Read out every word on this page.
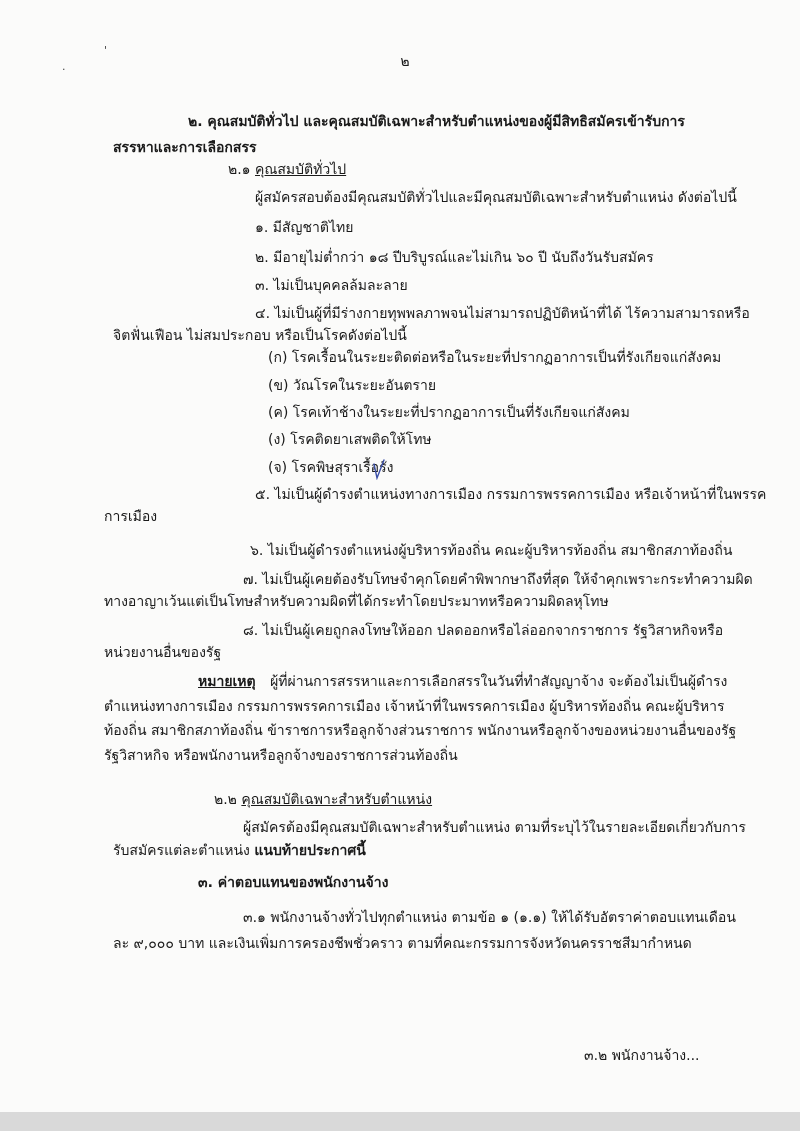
'
.	๒
๒. คุณสมบัติทั่วไป และคุณสมบัติเฉพาะสำหรับตำแหน่งของผู้มีสิทธิสมัครเข้ารับการ
สรรหาและการเลือกสรร
๒.๑ คุณสมบัติทั่วไป
ผู้สมัครสอบต้องมีคุณสมบัติทั่วไปและมีคุณสมบัติเฉพาะสำหรับตำแหน่ง ดังต่อไปนี้
๑. มีสัญชาติไทย
๒. มีอายุไม่ต่ำกว่า ๑๘ ปีบริบูรณ์และไม่เกิน ๖๐ ปี นับถึงวันรับสมัคร
๓. ไม่เป็นบุคคลล้มละลาย
๔. ไม่เป็นผู้ที่มีร่างกายทุพพลภาพจนไม่สามารถปฏิบัติหน้าที่ได้ ไร้ความสามารถหรือ
จิตฟั่นเฟือน ไม่สมประกอบ หรือเป็นโรคดังต่อไปนี้
(ก) โรคเรื้อนในระยะติดต่อหรือในระยะที่ปรากฏอาการเป็นที่รังเกียจแก่สังคม
(ข) วัณโรคในระยะอันตราย
(ค) โรคเท้าช้างในระยะที่ปรากฏอาการเป็นที่รังเกียจแก่สังคม
(ง) โรคติดยาเสพติดให้โทษ
(จ) โรคพิษสุราเรื้อรัง
๕. ไม่เป็นผู้ดำรงตำแหน่งทางการเมือง กรรมการพรรคการเมือง หรือเจ้าหน้าที่ในพรรค
การเมือง
๖. ไม่เป็นผู้ดำรงตำแหน่งผู้บริหารท้องถิ่น คณะผู้บริหารท้องถิ่น สมาชิกสภาท้องถิ่น
๗. ไม่เป็นผู้เคยต้องรับโทษจำคุกโดยคำพิพากษาถึงที่สุด ให้จำคุกเพราะกระทำความผิด
ทางอาญาเว้นแต่เป็นโทษสำหรับความผิดที่ได้กระทำโดยประมาทหรือความผิดลหุโทษ
๘. ไม่เป็นผู้เคยถูกลงโทษให้ออก ปลดออกหรือไล่ออกจากราชการ รัฐวิสาหกิจหรือ
หน่วยงานอื่นของรัฐ
หมายเหตุ ผู้ที่ผ่านการสรรหาและการเลือกสรรในวันที่ทำสัญญาจ้าง จะต้องไม่เป็นผู้ดำรง
ตำแหน่งทางการเมือง กรรมการพรรคการเมือง เจ้าหน้าที่ในพรรคการเมือง ผู้บริหารท้องถิ่น คณะผู้บริหาร
ท้องถิ่น สมาชิกสภาท้องถิ่น ข้าราชการหรือลูกจ้างส่วนราชการ พนักงานหรือลูกจ้างของหน่วยงานอื่นของรัฐ
รัฐวิสาหกิจ หรือพนักงานหรือลูกจ้างของราชการส่วนท้องถิ่น
๒.๒ คุณสมบัติเฉพาะสำหรับตำแหน่ง
ผู้สมัครต้องมีคุณสมบัติเฉพาะสำหรับตำแหน่ง ตามที่ระบุไว้ในรายละเอียดเกี่ยวกับการ
รับสมัครแต่ละตำแหน่ง แนบท้ายประกาศนี้
๓. ค่าตอบแทนของพนักงานจ้าง
๓.๑ พนักงานจ้างทั่วไปทุกตำแหน่ง ตามข้อ ๑ (๑.๑) ให้ได้รับอัตราค่าตอบแทนเดือน
ละ ๙,๐๐๐ บาท และเงินเพิ่มการครองชีพชั่วคราว ตามที่คณะกรรมการจังหวัดนครราชสีมากำหนด
๓.๒ พนักงานจ้าง...
